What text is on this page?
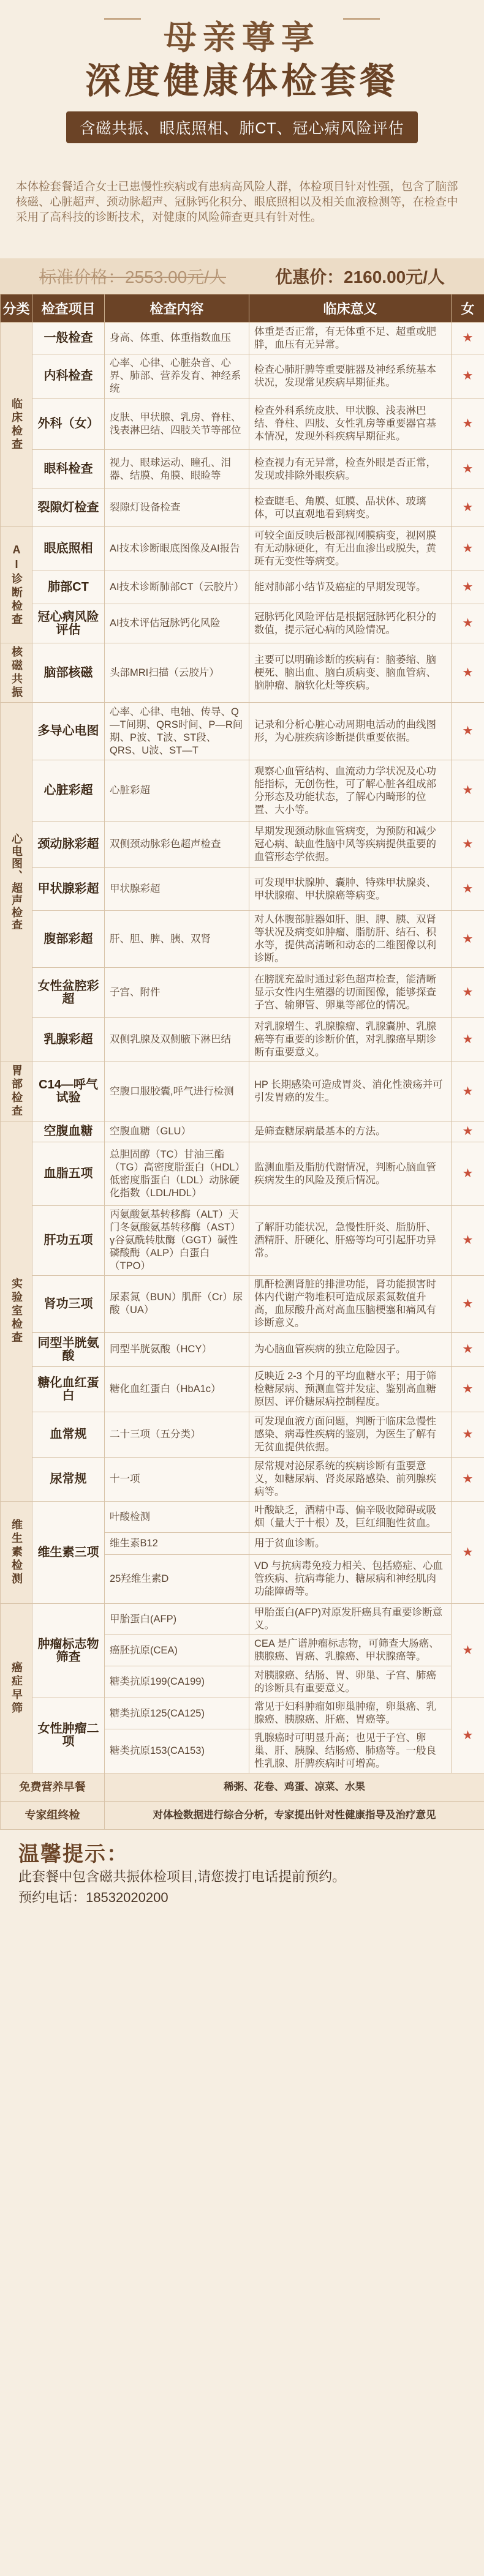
母亲尊享
深度健康体检套餐
含磁共振、眼底照相、肺CT、冠心病风险评估
本体检套餐适合女士已患慢性疾病或有患病高风险人群，体检项目针对性强，包含了脑部核磁、心脏超声、颈动脉超声、冠脉钙化积分、眼底照相以及相关血液检测等，在检查中采用了高科技的诊断技术，对健康的风险筛查更具有针对性。
标准价格：2553.00元/人	优惠价：2160.00元/人
分类	检查项目	检查内容	临床意义	女
临床检查	一般检查	身高、体重、体重指数血压	体重是否正常，有无体重不足、超重或肥胖，血压有无异常。	★
	内科检查	心率、心律、心脏杂音、心界、肺部、营养发育、神经系统	检查心肺肝脾等重要脏器及神经系统基本状况，发现常见疾病早期征兆。	★
	外科（女）	皮肤、甲状腺、乳房、脊柱、浅表淋巴结、四肢关节等部位	检查外科系统皮肤、甲状腺、浅表淋巴结、脊柱、四肢、女性乳房等重要器官基本情况，发现外科疾病早期征兆。	★
	眼科检查	视力、眼球运动、瞳孔、泪器、结膜、角膜、眼睑等	检查视力有无异常，检查外眼是否正常，发现或排除外眼疾病。	★
	裂隙灯检查	裂隙灯设备检查	检查睫毛、角膜、虹膜、晶状体、玻璃体，可以直观地看到病变。	★
AI诊断检查	眼底照相	AI技术诊断眼底图像及AI报告	可较全面反映后极部视网膜病变，视网膜有无动脉硬化，有无出血渗出或脱失，黄斑有无变性等病变。	★
	肺部CT	AI技术诊断肺部CT（云胶片）	能对肺部小结节及癌症的早期发现等。	★
	冠心病风险评估	AI技术评估冠脉钙化风险	冠脉钙化风险评估是根据冠脉钙化积分的数值，提示冠心病的风险情况。	★
核磁共振	脑部核磁	头部MRI扫描（云胶片）	主要可以明确诊断的疾病有：脑萎缩、脑梗死、脑出血、脑白质病变、脑血管病、脑肿瘤、脑软化灶等疾病。	★
心电图、超声检查	多导心电图	心率、心律、电轴、传导、Q—T间期、QRS时间、P—R间期、P波、T波、ST段、QRS、U波、ST—T	记录和分析心脏心动周期电活动的曲线图形，为心脏疾病诊断提供重要依据。	★
	心脏彩超	心脏彩超	观察心血管结构、血流动力学状况及心功能指标，无创伤性，可了解心脏各组成部分形态及功能状态，了解心内畸形的位置、大小等。	★
	颈动脉彩超	双侧颈动脉彩色超声检查	早期发现颈动脉血管病变，为预防和减少冠心病、缺血性脑中风等疾病提供重要的血管形态学依据。	★
	甲状腺彩超	甲状腺彩超	可发现甲状腺肿、囊肿、特殊甲状腺炎、甲状腺瘤、甲状腺癌等病变。	★
	腹部彩超	肝、胆、脾、胰、双肾	对人体腹部脏器如肝、胆、脾、胰、双肾等状况及病变如肿瘤、脂肪肝、结石、积水等，提供高清晰和动态的二维图像以利诊断。	★
	女性盆腔彩超	子宫、附件	在膀胱充盈时通过彩色超声检查，能清晰显示女性内生殖器的切面图像，能够探查子宫、输卵管、卵巢等部位的情况。	★
	乳腺彩超	双侧乳腺及双侧腋下淋巴结	对乳腺增生、乳腺腺瘤、乳腺囊肿、乳腺癌等有重要的诊断价值，对乳腺癌早期诊断有重要意义。	★
胃部检查	C14—呼气试验	空腹口服胶囊,呼气进行检测	HP 长期感染可造成胃炎、消化性溃疡并可引发胃癌的发生。	★
实验室检查	空腹血糖	空腹血糖（GLU）	是筛查糖尿病最基本的方法。	★
	血脂五项	总胆固醇（TC）甘油三酯（TG）高密度脂蛋白（HDL）低密度脂蛋白（LDL）动脉硬化指数（LDL/HDL）	监测血脂及脂肪代谢情况，判断心脑血管疾病发生的风险及预后情况。	★
	肝功五项	丙氨酸氨基转移酶（ALT）天门冬氨酸氨基转移酶（AST）γ谷氨酰转肽酶（GGT）碱性磷酸酶（ALP）白蛋白（TPO）	了解肝功能状况，急慢性肝炎、脂肪肝、酒精肝、肝硬化、肝癌等均可引起肝功异常。	★
	肾功三项	尿素氮（BUN）肌酐（Cr）尿酸（UA）	肌酐检测肾脏的排泄功能，肾功能损害时体内代谢产物堆积可造成尿素氮数值升高，血尿酸升高对高血压脑梗塞和痛风有诊断意义。	★
	同型半胱氨酸	同型半胱氨酸（HCY）	为心脑血管疾病的独立危险因子。	★
	糖化血红蛋白	糖化血红蛋白（HbA1c）	反映近 2-3 个月的平均血糖水平；用于筛检糖尿病、预测血管并发症、鉴别高血糖原因、评价糖尿病控制程度。	★
	血常规	二十三项（五分类）	可发现血液方面问题，判断于临床急慢性感染、病毒性疾病的鉴别，为医生了解有无贫血提供依据。	★
	尿常规	十一项	尿常规对泌尿系统的疾病诊断有重要意义，如糖尿病、肾炎尿路感染、前列腺疾病等。	★
维生素检测	维生素三项	叶酸检测	叶酸缺乏，酒精中毒、偏辛吸收障碍或吸烟（量大于十根）及，巨红细胞性贫血。	★
		维生素B12	用于贫血诊断。	
		25羟维生素D	VD 与抗病毒免疫力相关、包括癌症、心血管疾病、抗病毒能力、糖尿病和神经肌肉功能障碍等。	
癌症早筛	肿瘤标志物筛查	甲胎蛋白(AFP)	甲胎蛋白(AFP)对原发肝癌具有重要诊断意义。	★
		癌胚抗原(CEA)	CEA 是广谱肿瘤标志物，可筛查大肠癌、胰腺癌、胃癌、乳腺癌、甲状腺癌等。	
		糖类抗原199(CA199)	对胰腺癌、结肠、胃、卵巢、子宫、肺癌的诊断具有重要意义。	
	女性肿瘤二项	糖类抗原125(CA125)	常见于妇科肿瘤如卵巢肿瘤，卵巢癌、乳腺癌、胰腺癌、肝癌、胃癌等。	★
		糖类抗原153(CA153)	乳腺癌时可明显升高；也见于子宫、卵巢、肝、胰腺、结肠癌、肺癌等。一般良性乳腺、肝脾疾病时可增高。	
免费营养早餐		稀粥、花卷、鸡蛋、凉菜、水果		
专家组终检		对体检数据进行综合分析，专家提出针对性健康指导及治疗意见		
温馨提示：
此套餐中包含磁共振体检项目,请您拨打电话提前预约。
预约电话：18532020200
